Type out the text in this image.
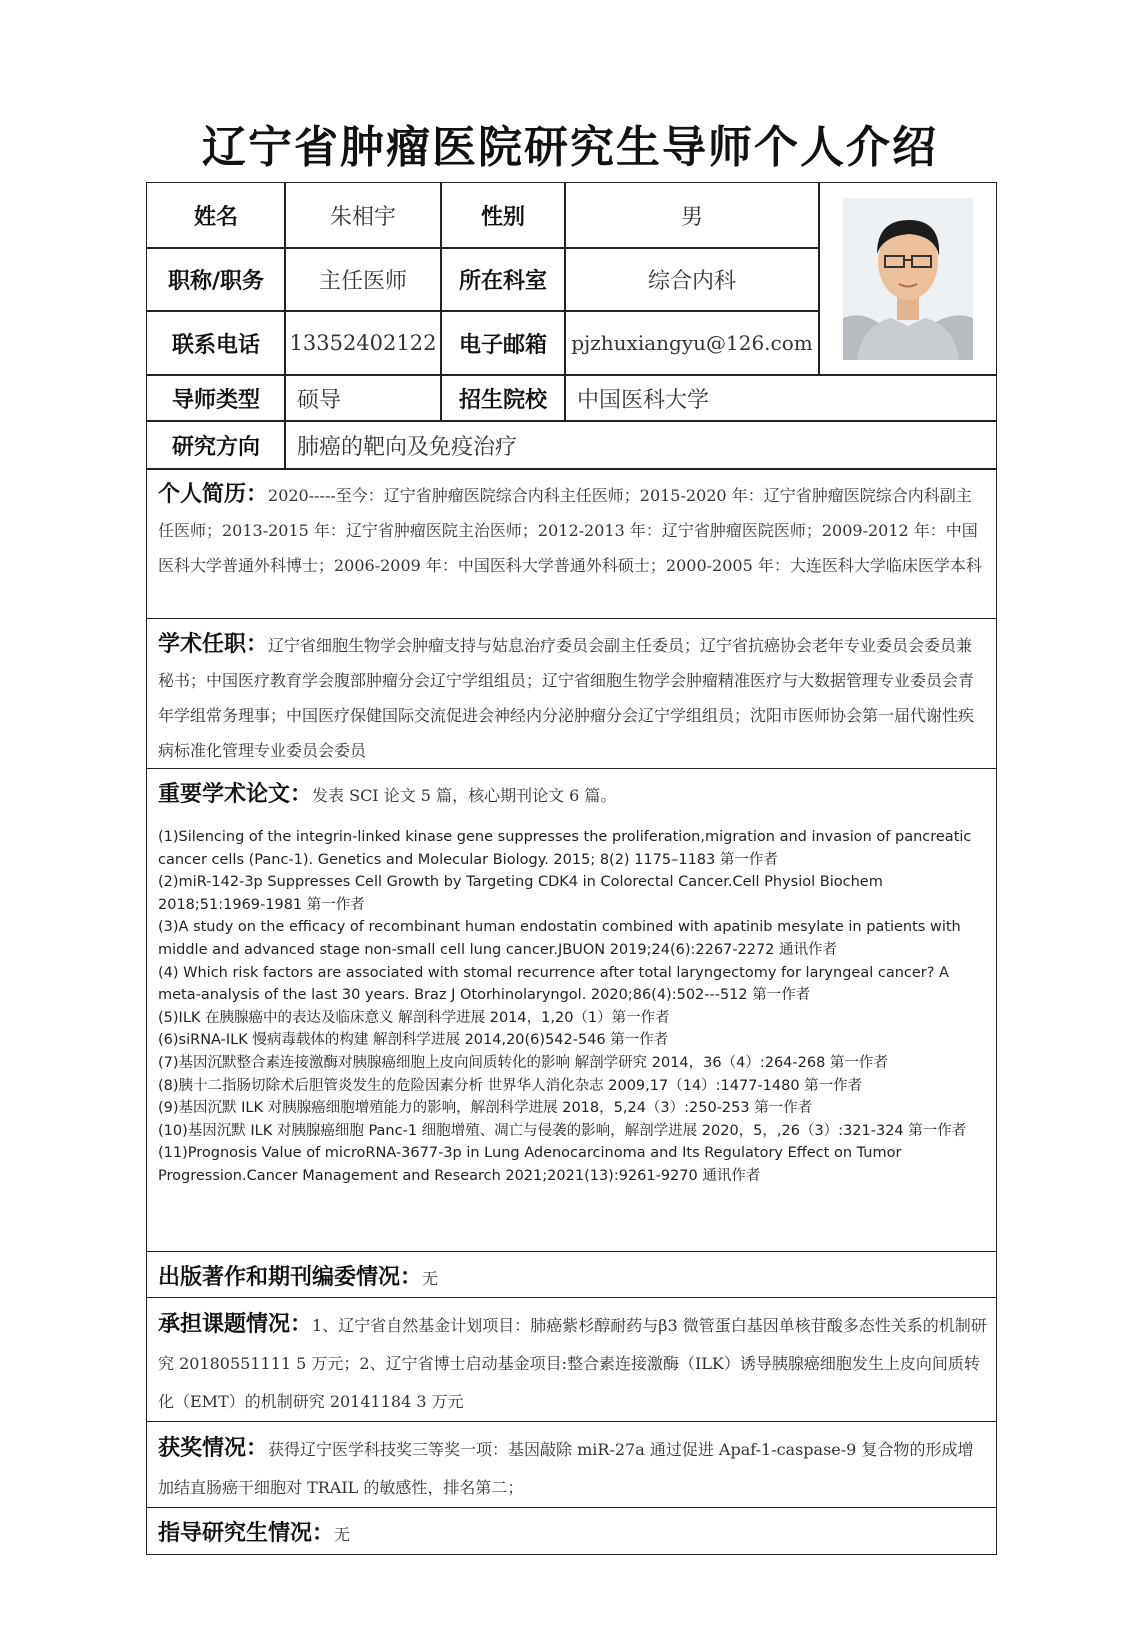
辽宁省肿瘤医院研究生导师个人介绍
姓名	朱相宇	性别	男
职称/职务	主任医师	所在科室	综合内科
联系电话	13352402122	电子邮箱	pjzhuxiangyu@126.com
导师类型	硕导	招生院校	中国医科大学
研究方向	肺癌的靶向及免疫治疗
个人简历：2020-----至今：辽宁省肿瘤医院综合内科主任医师；2015-2020 年：辽宁省肿瘤医院综合内科副主任医师；2013-2015 年：辽宁省肿瘤医院主治医师；2012-2013 年：辽宁省肿瘤医院医师；2009-2012 年：中国医科大学普通外科博士；2006-2009 年：中国医科大学普通外科硕士；2000-2005 年：大连医科大学临床医学本科
学术任职：辽宁省细胞生物学会肿瘤支持与姑息治疗委员会副主任委员；辽宁省抗癌协会老年专业委员会委员兼秘书；中国医疗教育学会腹部肿瘤分会辽宁学组组员；辽宁省细胞生物学会肿瘤精准医疗与大数据管理专业委员会青年学组常务理事；中国医疗保健国际交流促进会神经内分泌肿瘤分会辽宁学组组员；沈阳市医师协会第一届代谢性疾病标准化管理专业委员会委员
重要学术论文：发表 SCI 论文 5 篇，核心期刊论文 6 篇。
(1)Silencing of the integrin-linked kinase gene suppresses the proliferation,migration and invasion of pancreatic cancer cells (Panc-1). Genetics and Molecular Biology. 2015; 8(2) 1175–1183 第一作者
(2)miR-142-3p Suppresses Cell Growth by Targeting CDK4 in Colorectal Cancer.Cell Physiol Biochem 2018;51:1969-1981 第一作者
(3)A study on the efficacy of recombinant human endostatin combined with apatinib mesylate in patients with middle and advanced stage non-small cell lung cancer.JBUON 2019;24(6):2267-2272 通讯作者
(4) Which risk factors are associated with stomal recurrence after total laryngectomy for laryngeal cancer? A meta-analysis of the last 30 years. Braz J Otorhinolaryngol. 2020;86(4):502---512 第一作者
(5)ILK 在胰腺癌中的表达及临床意义 解剖科学进展 2014，1,20（1）第一作者
(6)siRNA-ILK 慢病毒载体的构建 解剖科学进展 2014,20(6)542-546 第一作者
(7)基因沉默整合素连接激酶对胰腺癌细胞上皮向间质转化的影响 解剖学研究 2014，36（4）:264-268 第一作者
(8)胰十二指肠切除术后胆管炎发生的危险因素分析 世界华人消化杂志 2009,17（14）:1477-1480 第一作者
(9)基因沉默 ILK 对胰腺癌细胞增殖能力的影响，解剖科学进展 2018，5,24（3）:250-253 第一作者
(10)基因沉默 ILK 对胰腺癌细胞 Panc-1 细胞增殖、凋亡与侵袭的影响，解剖学进展 2020，5，,26（3）:321-324 第一作者
(11)Prognosis Value of microRNA-3677-3p in Lung Adenocarcinoma and Its Regulatory Effect on Tumor Progression.Cancer Management and Research 2021;2021(13):9261-9270 通讯作者
出版著作和期刊编委情况：无
承担课题情况：1、辽宁省自然基金计划项目：肺癌紫杉醇耐药与β3 微管蛋白基因单核苷酸多态性关系的机制研究 20180551111 5 万元；2、辽宁省博士启动基金项目:整合素连接激酶（ILK）诱导胰腺癌细胞发生上皮向间质转化（EMT）的机制研究 20141184 3 万元
获奖情况：获得辽宁医学科技奖三等奖一项：基因敲除 miR-27a 通过促进 Apaf-1-caspase-9 复合物的形成增加结直肠癌干细胞对 TRAIL 的敏感性，排名第二；
指导研究生情况：无
